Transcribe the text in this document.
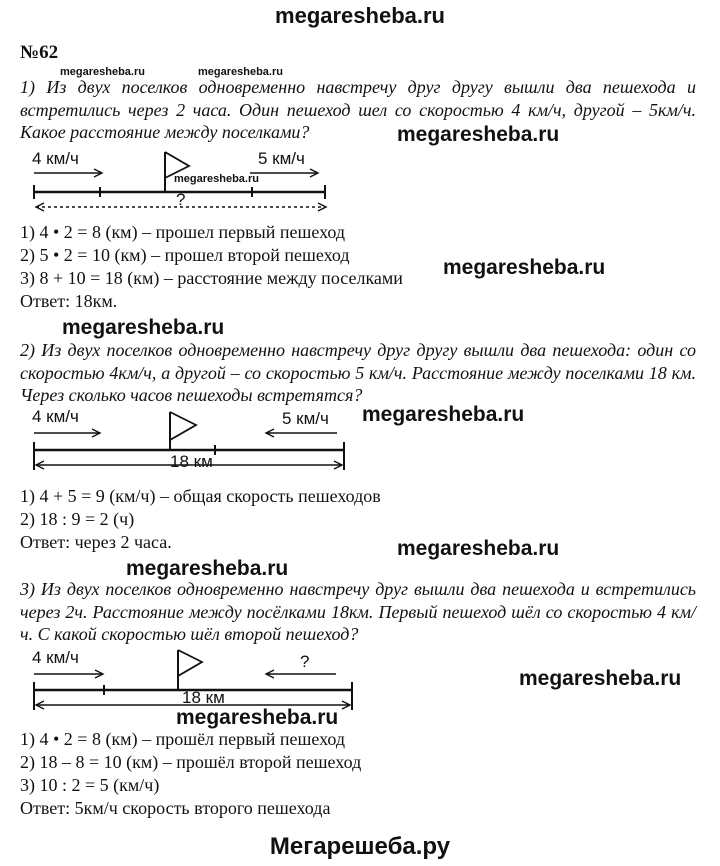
megaresheba.ru
№62
1) Из двух поселков одновременно навстречу друг другу вышли два пешехода и встретились через 2 часа. Один пешеход шел со скоростью 4 км/ч, другой – 5км/ч. Какое расстояние между поселками?
megaresheba.ru	megaresheba.ru
megaresheba.ru
4 км/ч	5 км/ч
?
megaresheba.ru
1) 4 • 2 = 8 (км) – прошел первый пешеход
2) 5 • 2 = 10 (км) – прошел второй пешеход
3) 8 + 10 = 18 (км) – расстояние между поселками
Ответ: 18км.
megaresheba.ru
megaresheba.ru
2) Из двух поселков одновременно навстречу друг другу вышли два пешехода: один со скоростью 4км/ч, а другой – со скоростью 5 км/ч. Расстояние между поселками 18 км. Через сколько часов пешеходы встретятся?
megaresheba.ru
4 км/ч	5 км/ч
18 км
1) 4 + 5 = 9 (км/ч) – общая скорость пешеходов
2) 18 : 9 = 2 (ч)
Ответ: через 2 часа.	megaresheba.ru
megaresheba.ru
3) Из двух поселков одновременно навстречу друг вышли два пешехода и встретились через 2ч. Расстояние между посёлками 18км. Первый пешеход шёл со скоростью 4 км/ч. С какой скоростью шёл второй пешеход?
4 км/ч	?
18 км
megaresheba.ru
megaresheba.ru
1) 4 • 2 = 8 (км) – прошёл первый пешеход
2) 18 – 8 = 10 (км) – прошёл второй пешеход
3) 10 : 2 = 5 (км/ч)
Ответ: 5км/ч скорость второго пешехода
Мегарешеба.ру
